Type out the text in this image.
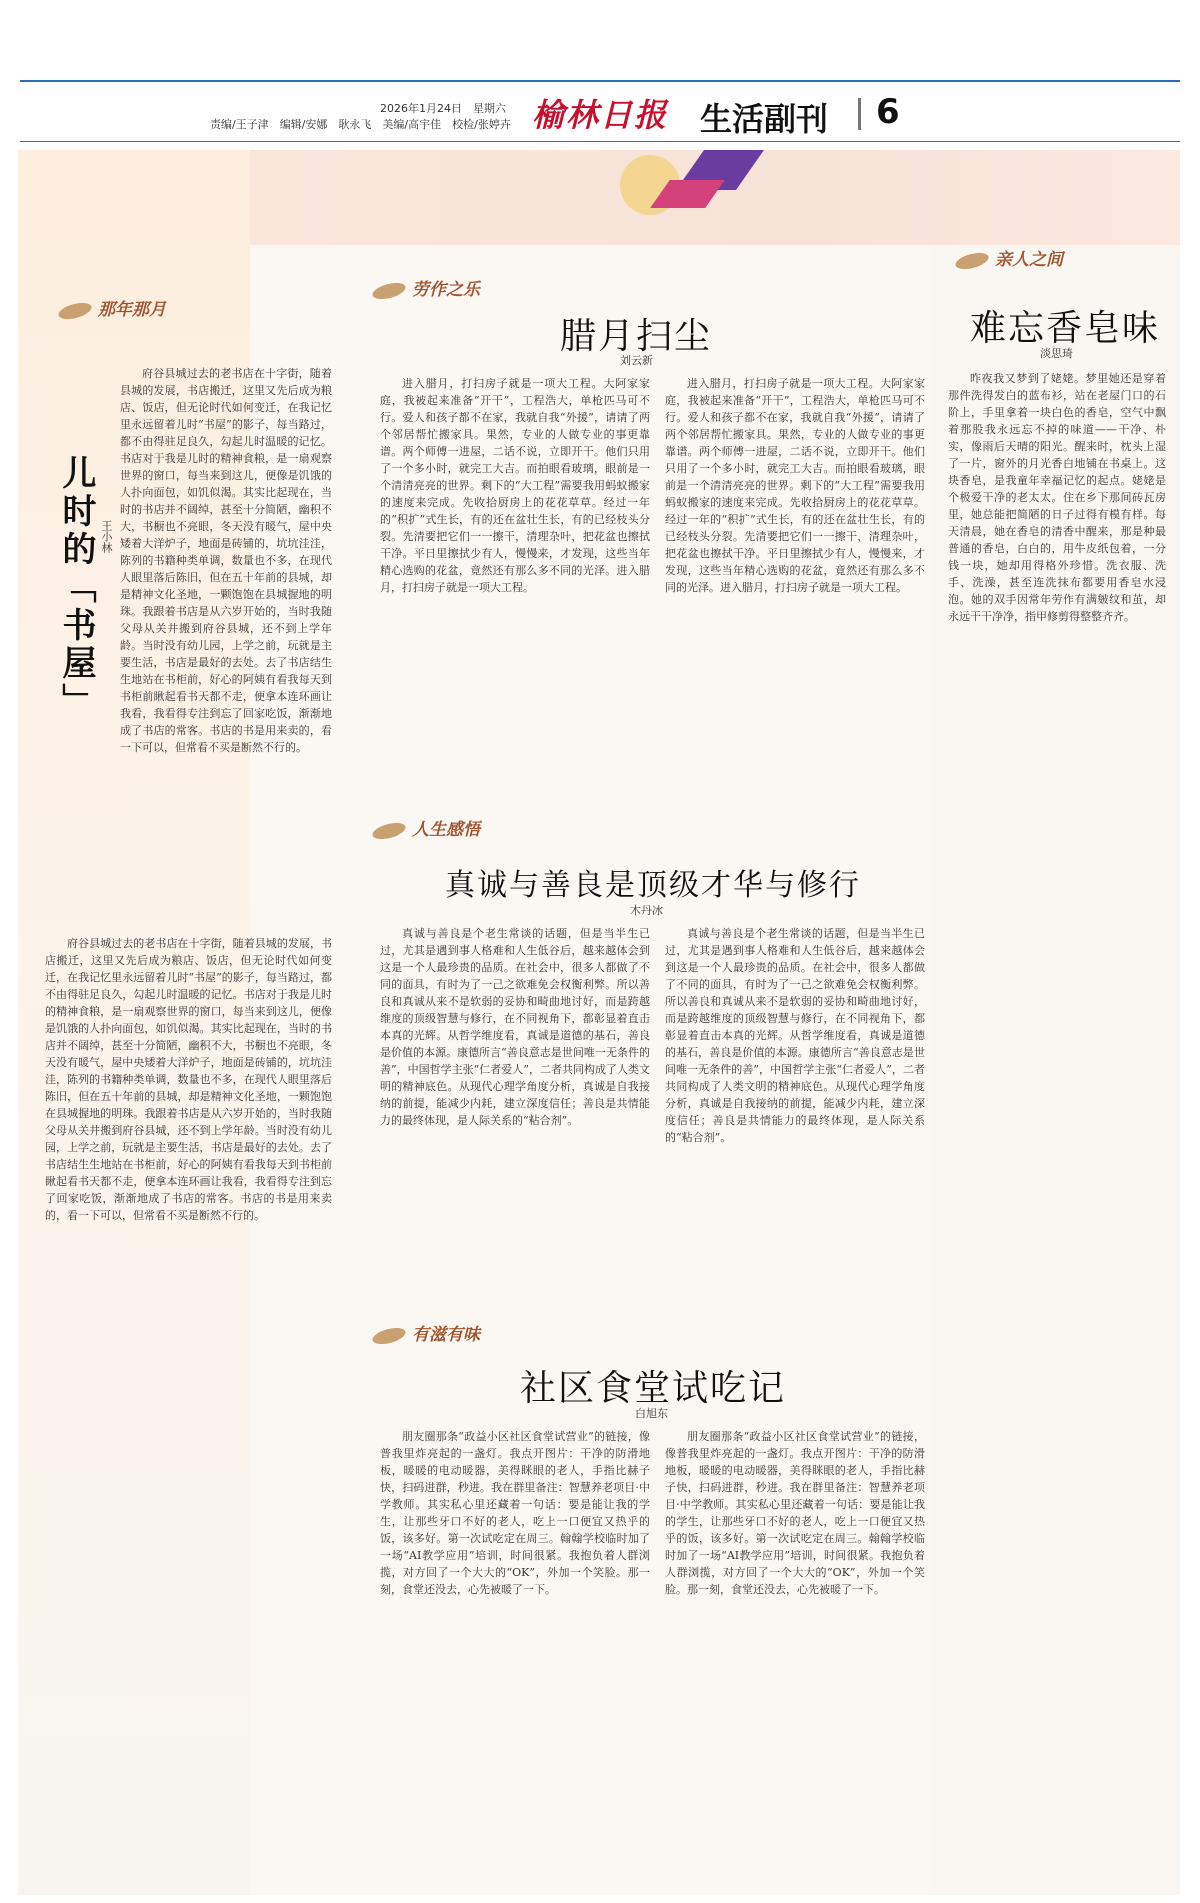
2026年1月24日　星期六
责编/王子津　编辑/安娜　耿永飞　美编/高宇佳　校检/张婷卉 榆林日报 生活副刊 6
那年那月
儿时的「书屋」 王小林
府谷县城过去的老书店在十字街，随着县城的发展，书店搬迁，这里又先后成为粮店、饭店，但无论时代如何变迁，在我记忆里永远留着儿时“书屋”的影子，每当路过，都不由得驻足良久，勾起儿时温暖的记忆。书店对于我是儿时的精神食粮，是一扇观察世界的窗口，每当来到这儿，便像是饥饿的人扑向面包，如饥似渴。其实比起现在，当时的书店并不阔绰，甚至十分简陋，幽积不大，书橱也不亮眼，冬天没有暖气，屋中央矮着大洋炉子，地面是砖铺的，坑坑洼洼，陈列的书籍种类单调，数量也不多，在现代人眼里落后陈旧，但在五十年前的县城，却是精神文化圣地，一颗饱饱在县城握地的明珠。我跟着书店是从六岁开始的，当时我随父母从关井搬到府谷县城，还不到上学年龄。当时没有幼儿园，上学之前，玩就是主要生活，书店是最好的去处。去了书店结生生地站在书柜前，好心的阿姨有看我每天到书柜前瞅起看书天都不走，便拿本连环画让我看，我看得专注到忘了回家吃饭，渐渐地成了书店的常客。书店的书是用来卖的，看一下可以，但常看不买是断然不行的。
府谷县城过去的老书店在十字街，随着县城的发展，书店搬迁，这里又先后成为粮店、饭店，但无论时代如何变迁，在我记忆里永远留着儿时“书屋”的影子，每当路过，都不由得驻足良久，勾起儿时温暖的记忆。书店对于我是儿时的精神食粮，是一扇观察世界的窗口，每当来到这儿，便像是饥饿的人扑向面包，如饥似渴。其实比起现在，当时的书店并不阔绰，甚至十分简陋，幽积不大，书橱也不亮眼，冬天没有暖气，屋中央矮着大洋炉子，地面是砖铺的，坑坑洼洼，陈列的书籍种类单调，数量也不多，在现代人眼里落后陈旧，但在五十年前的县城，却是精神文化圣地，一颗饱饱在县城握地的明珠。我跟着书店是从六岁开始的，当时我随父母从关井搬到府谷县城，还不到上学年龄。当时没有幼儿园，上学之前，玩就是主要生活，书店是最好的去处。去了书店结生生地站在书柜前，好心的阿姨有看我每天到书柜前瞅起看书天都不走，便拿本连环画让我看，我看得专注到忘了回家吃饭，渐渐地成了书店的常客。书店的书是用来卖的，看一下可以，但常看不买是断然不行的。
劳作之乐
腊月扫尘
刘云新
进入腊月，打扫房子就是一项大工程。大阿家家庭，我被起来准备“开干”，工程浩大，单枪匹马可不行。爱人和孩子都不在家，我就自我“外援”，请请了两个邻居帮忙搬家具。果然，专业的人做专业的事更靠谱。两个师傅一进屋，二话不说，立即开干。他们只用了一个多小时，就完工大吉。而拍眼看玻璃，眼前是一个清清亮亮的世界。剩下的“大工程”需要我用蚂蚁搬家的速度来完成。先收拾厨房上的花花草草。经过一年的“积扩”式生长，有的还在盆壮生长，有的已经枝头分裂。先清要把它们一一擦干，清理杂叶，把花盆也擦拭干净。平日里擦拭少有人，慢慢来，才发现，这些当年精心选购的花盆，竟然还有那么多不同的光泽。进入腊月，打扫房子就是一项大工程。
进入腊月，打扫房子就是一项大工程。大阿家家庭，我被起来准备“开干”，工程浩大，单枪匹马可不行。爱人和孩子都不在家，我就自我“外援”，请请了两个邻居帮忙搬家具。果然，专业的人做专业的事更靠谱。两个师傅一进屋，二话不说，立即开干。他们只用了一个多小时，就完工大吉。而拍眼看玻璃，眼前是一个清清亮亮的世界。剩下的“大工程”需要我用蚂蚁搬家的速度来完成。先收拾厨房上的花花草草。经过一年的“积扩”式生长，有的还在盆壮生长，有的已经枝头分裂。先清要把它们一一擦干，清理杂叶，把花盆也擦拭干净。平日里擦拭少有人，慢慢来，才发现，这些当年精心选购的花盆，竟然还有那么多不同的光泽。进入腊月，打扫房子就是一项大工程。
人生感悟
真诚与善良是顶级才华与修行
木丹冰
真诚与善良是个老生常谈的话题，但是当半生已过，尤其是遇到事人格难和人生低谷后，越来越体会到这是一个人最珍贵的品质。在社会中，很多人都做了不同的面具，有时为了一己之欲难免会权衡利弊。所以善良和真诚从来不是软弱的妥协和畸曲地讨好，而是跨越维度的顶级智慧与修行，在不同视角下，都彰显着直击本真的光辉。从哲学维度看，真诚是道德的基石，善良是价值的本源。康德所言“善良意志是世间唯一无条件的善”，中国哲学主张“仁者爱人”，二者共同构成了人类文明的精神底色。从现代心理学角度分析，真诚是自我接纳的前提，能减少内耗，建立深度信任；善良是共情能力的最终体现，是人际关系的“粘合剂”。
真诚与善良是个老生常谈的话题，但是当半生已过，尤其是遇到事人格难和人生低谷后，越来越体会到这是一个人最珍贵的品质。在社会中，很多人都做了不同的面具，有时为了一己之欲难免会权衡利弊。所以善良和真诚从来不是软弱的妥协和畸曲地讨好，而是跨越维度的顶级智慧与修行，在不同视角下，都彰显着直击本真的光辉。从哲学维度看，真诚是道德的基石，善良是价值的本源。康德所言“善良意志是世间唯一无条件的善”，中国哲学主张“仁者爱人”，二者共同构成了人类文明的精神底色。从现代心理学角度分析，真诚是自我接纳的前提，能减少内耗，建立深度信任；善良是共情能力的最终体现，是人际关系的“粘合剂”。
有滋有味
社区食堂试吃记
白旭东
朋友圈那条“政益小区社区食堂试营业”的链接，像普我里炸亮起的一盏灯。我点开图片：干净的防滑地板，暖暖的电动暖器，美得眯眼的老人，手指比赫子快，扫码进群，秒进。我在群里备注：智慧养老项目·中学教师。其实私心里还藏着一句话：要是能让我的学生，让那些牙口不好的老人，吃上一口便宜又热乎的饭，该多好。第一次试吃定在周三。翰翰学校临时加了一场“AI教学应用”培训，时间很紧。我抱负着人群浏揽，对方回了一个大大的“OK”，外加一个笑脸。那一刻，食堂还没去，心先被暖了一下。
朋友圈那条“政益小区社区食堂试营业”的链接，像普我里炸亮起的一盏灯。我点开图片：干净的防滑地板，暖暖的电动暖器，美得眯眼的老人，手指比赫子快，扫码进群，秒进。我在群里备注：智慧养老项目·中学教师。其实私心里还藏着一句话：要是能让我的学生，让那些牙口不好的老人，吃上一口便宜又热乎的饭，该多好。第一次试吃定在周三。翰翰学校临时加了一场“AI教学应用”培训，时间很紧。我抱负着人群浏揽，对方回了一个大大的“OK”，外加一个笑脸。那一刻，食堂还没去，心先被暖了一下。
亲人之间
难忘香皂味
淡思琦
昨夜我又梦到了姥姥。梦里她还是穿着那件洗得发白的蓝布衫，站在老屋门口的石阶上，手里拿着一块白色的香皂，空气中飘着那股我永远忘不掉的味道——干净、朴实，像雨后天晴的阳光。醒来时，枕头上湿了一片，窗外的月光香白地铺在书桌上。这块香皂，是我童年幸福记忆的起点。姥姥是个极爱干净的老太太。住在乡下那间砖瓦房里，她总能把简陋的日子过得有模有样。每天清晨，她在香皂的清香中醒来，那是种最普通的香皂，白白的，用牛皮纸包着，一分钱一块，她却用得格外珍惜。洗衣服、洗手、洗澡，甚至连洗抹布都要用香皂水浸泡。她的双手因常年劳作有满皴纹和茧，却永远干干净净，指甲修剪得整整齐齐。
